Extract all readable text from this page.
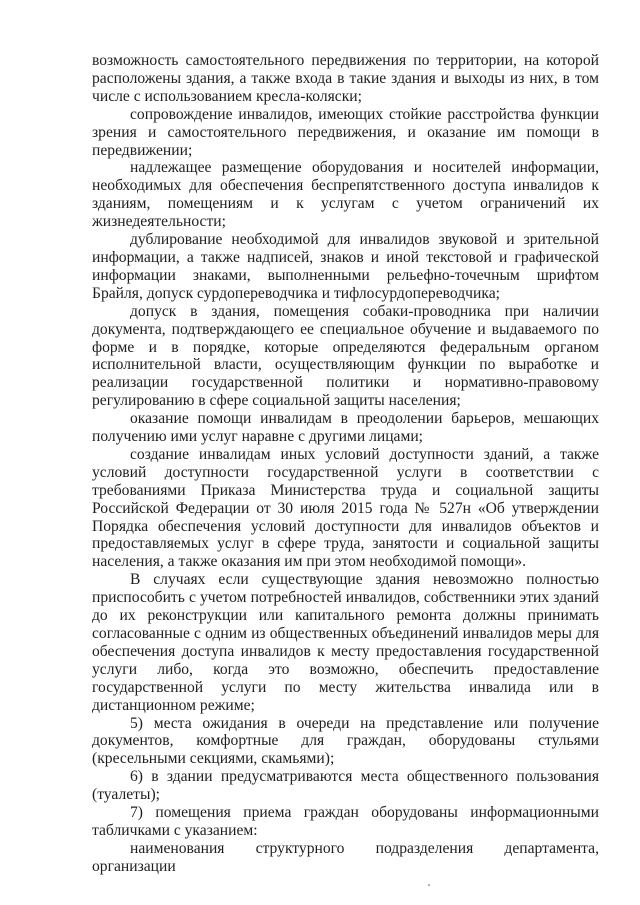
возможность самостоятельного передвижения по территории, на которой расположены здания, а также входа в такие здания и выходы из них, в том числе с использованием кресла-коляски;

сопровождение инвалидов, имеющих стойкие расстройства функции зрения и самостоятельного передвижения, и оказание им помощи в передвижении;

надлежащее размещение оборудования и носителей информации, необходимых для обеспечения беспрепятственного доступа инвалидов к зданиям, помещениям и к услугам с учетом ограничений их жизнедеятельности;

дублирование необходимой для инвалидов звуковой и зрительной информации, а также надписей, знаков и иной текстовой и графической информации знаками, выполненными рельефно-точечным шрифтом Брайля, допуск сурдопереводчика и тифлосурдопереводчика;

допуск в здания, помещения собаки-проводника при наличии документа, подтверждающего ее специальное обучение и выдаваемого по форме и в порядке, которые определяются федеральным органом исполнительной власти, осуществляющим функции по выработке и реализации государственной политики и нормативно-правовому регулированию в сфере социальной защиты населения;

оказание помощи инвалидам в преодолении барьеров, мешающих получению ими услуг наравне с другими лицами;

создание инвалидам иных условий доступности зданий, а также условий доступности государственной услуги в соответствии с требованиями Приказа Министерства труда и социальной защиты Российской Федерации от 30 июля 2015 года № 527н «Об утверждении Порядка обеспечения условий доступности для инвалидов объектов и предоставляемых услуг в сфере труда, занятости и социальной защиты населения, а также оказания им при этом необходимой помощи».

В случаях если существующие здания невозможно полностью приспособить с учетом потребностей инвалидов, собственники этих зданий до их реконструкции или капитального ремонта должны принимать согласованные с одним из общественных объединений инвалидов меры для обеспечения доступа инвалидов к месту предоставления государственной услуги либо, когда это возможно, обеспечить предоставление государственной услуги по месту жительства инвалида или в дистанционном режиме;

5) места ожидания в очереди на представление или получение документов, комфортные для граждан, оборудованы стульями (кресельными секциями, скамьями);

6) в здании предусматриваются места общественного пользования (туалеты);

7) помещения приема граждан оборудованы информационными табличками с указанием:

наименования структурного подразделения департамента, организации
